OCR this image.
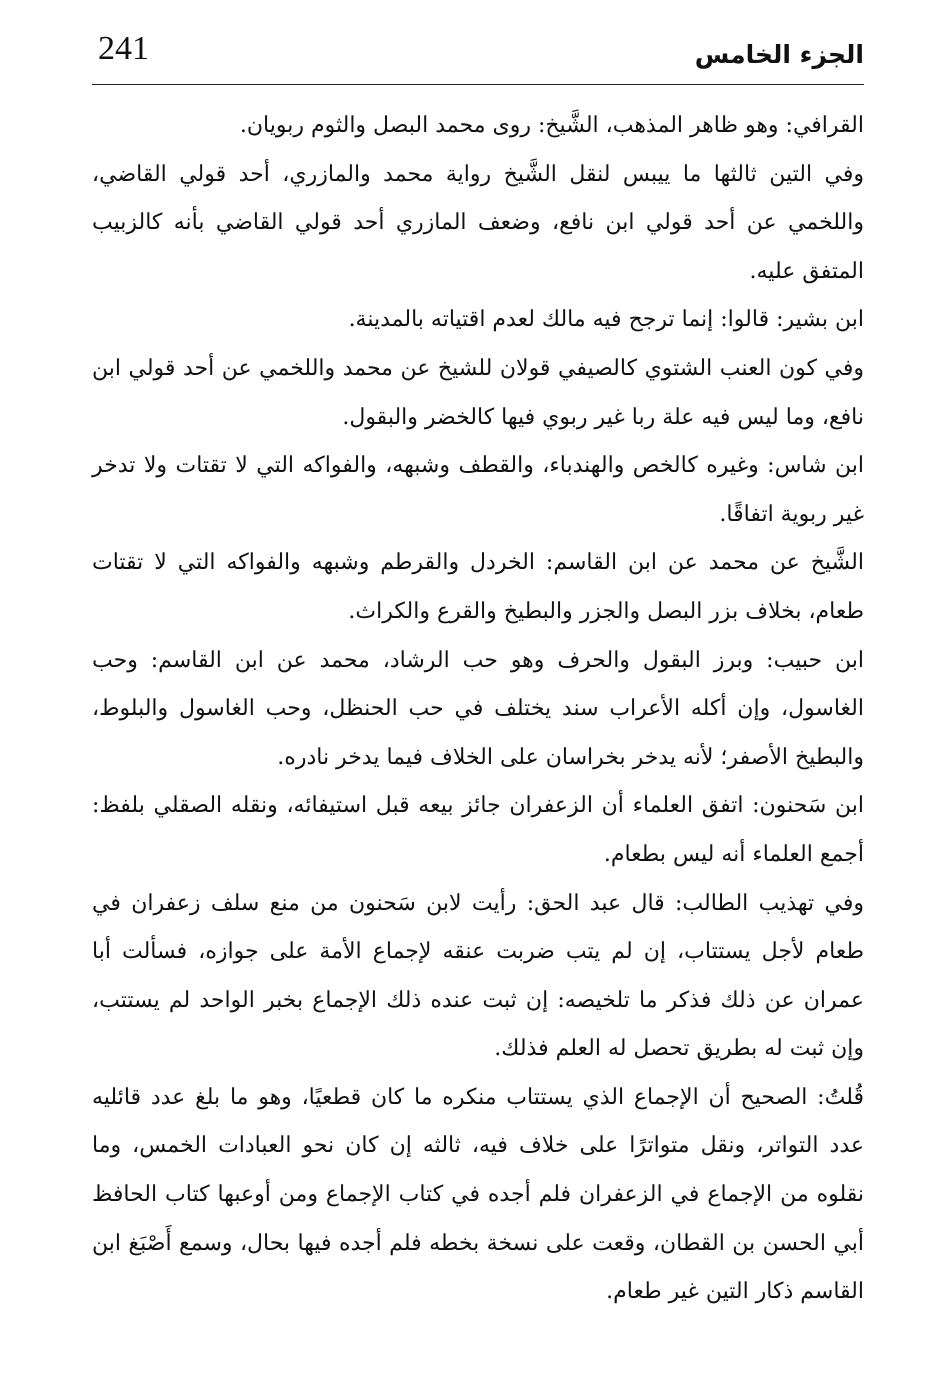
241	الجزء الخامس

القرافي: وهو ظاهر المذهب، الشَّيخ: روى محمد البصل والثوم ربويان.

وفي التين ثالثها ما ييبس لنقل الشَّيخ رواية محمد والمازري، أحد قولي القاضي، واللخمي عن أحد قولي ابن نافع، وضعف المازري أحد قولي القاضي بأنه كالزبيب المتفق عليه.

ابن بشير: قالوا: إنما ترجح فيه مالك لعدم اقتياته بالمدينة.

وفي كون العنب الشتوي كالصيفي قولان للشيخ عن محمد واللخمي عن أحد قولي ابن نافع، وما ليس فيه علة ربا غير ربوي فيها كالخضر والبقول.

ابن شاس: وغيره كالخص والهندباء، والقطف وشبهه، والفواكه التي لا تقتات ولا تدخر غير ربوية اتفاقًا.

الشَّيخ عن محمد عن ابن القاسم: الخردل والقرطم وشبهه والفواكه التي لا تقتات طعام، بخلاف بزر البصل والجزر والبطيخ والقرع والكراث.

ابن حبيب: وبرز البقول والحرف وهو حب الرشاد، محمد عن ابن القاسم: وحب الغاسول، وإن أكله الأعراب سند يختلف في حب الحنظل، وحب الغاسول والبلوط، والبطيخ الأصفر؛ لأنه يدخر بخراسان على الخلاف فيما يدخر نادره.

ابن سَحنون: اتفق العلماء أن الزعفران جائز بيعه قبل استيفائه، ونقله الصقلي بلفظ: أجمع العلماء أنه ليس بطعام.

وفي تهذيب الطالب: قال عبد الحق: رأيت لابن سَحنون من منع سلف زعفران في طعام لأجل يستتاب، إن لم يتب ضربت عنقه لإجماع الأمة على جوازه، فسألت أبا عمران عن ذلك فذكر ما تلخيصه: إن ثبت عنده ذلك الإجماع بخبر الواحد لم يستتب، وإن ثبت له بطريق تحصل له العلم فذلك.

قُلتُ: الصحيح أن الإجماع الذي يستتاب منكره ما كان قطعيًا، وهو ما بلغ عدد قائليه عدد التواتر، ونقل متواترًا على خلاف فيه، ثالثه إن كان نحو العبادات الخمس، وما نقلوه من الإجماع في الزعفران فلم أجده في كتاب الإجماع ومن أوعبها كتاب الحافظ أبي الحسن بن القطان، وقعت على نسخة بخطه فلم أجده فيها بحال، وسمع أَصْبَغ ابن القاسم ذكار التين غير طعام.
